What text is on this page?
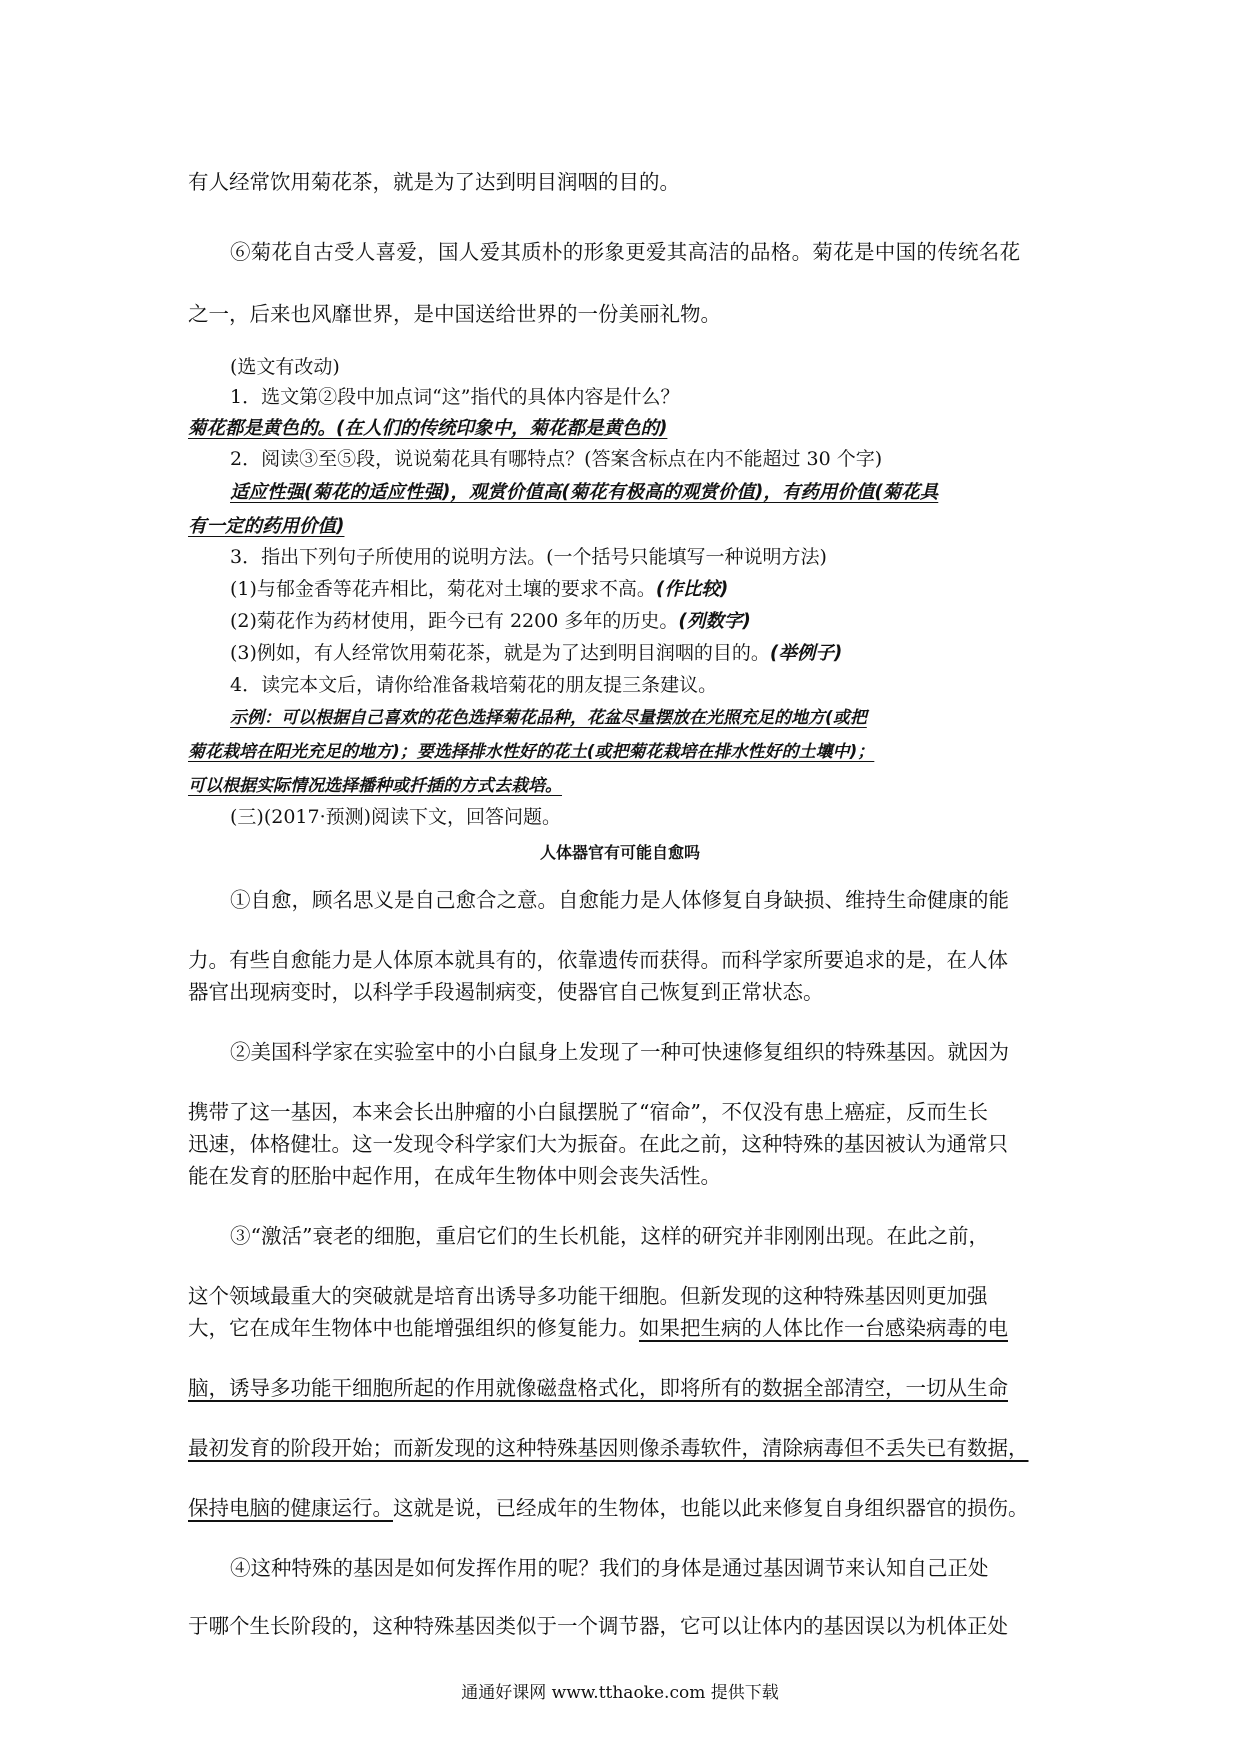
有人经常饮用菊花茶，就是为了达到明目润咽的目的。
⑥菊花自古受人喜爱，国人爱其质朴的形象更爱其高洁的品格。菊花是中国的传统名花
之一，后来也风靡世界，是中国送给世界的一份美丽礼物。
(选文有改动)
1．选文第②段中加点词“这”指代的具体内容是什么？
菊花都是黄色的。(在人们的传统印象中，菊花都是黄色的)
2．阅读③至⑤段，说说菊花具有哪特点？(答案含标点在内不能超过 30 个字)
适应性强(菊花的适应性强)，观赏价值高(菊花有极高的观赏价值)，有药用价值(菊花具
有一定的药用价值)
3．指出下列句子所使用的说明方法。(一个括号只能填写一种说明方法)
(1)与郁金香等花卉相比，菊花对土壤的要求不高。(作比较)
(2)菊花作为药材使用，距今已有 2200 多年的历史。(列数字)
(3)例如，有人经常饮用菊花茶，就是为了达到明目润咽的目的。(举例子)
4．读完本文后，请你给准备栽培菊花的朋友提三条建议。
示例：可以根据自己喜欢的花色选择菊花品种，花盆尽量摆放在光照充足的地方(或把
菊花栽培在阳光充足的地方)；要选择排水性好的花土(或把菊花栽培在排水性好的土壤中)；
可以根据实际情况选择播种或扦插的方式去栽培。
(三)(2017·预测)阅读下文，回答问题。
人体器官有可能自愈吗
①自愈，顾名思义是自己愈合之意。自愈能力是人体修复自身缺损、维持生命健康的能
力。有些自愈能力是人体原本就具有的，依靠遗传而获得。而科学家所要追求的是，在人体
器官出现病变时，以科学手段遏制病变，使器官自己恢复到正常状态。
②美国科学家在实验室中的小白鼠身上发现了一种可快速修复组织的特殊基因。就因为
携带了这一基因，本来会长出肿瘤的小白鼠摆脱了“宿命”，不仅没有患上癌症，反而生长
迅速，体格健壮。这一发现令科学家们大为振奋。在此之前，这种特殊的基因被认为通常只
能在发育的胚胎中起作用，在成年生物体中则会丧失活性。
③“激活”衰老的细胞，重启它们的生长机能，这样的研究并非刚刚出现。在此之前，
这个领域最重大的突破就是培育出诱导多功能干细胞。但新发现的这种特殊基因则更加强
大，它在成年生物体中也能增强组织的修复能力。如果把生病的人体比作一台感染病毒的电
脑，诱导多功能干细胞所起的作用就像磁盘格式化，即将所有的数据全部清空，一切从生命
最初发育的阶段开始；而新发现的这种特殊基因则像杀毒软件，清除病毒但不丢失已有数据，
保持电脑的健康运行。这就是说，已经成年的生物体，也能以此来修复自身组织器官的损伤。
④这种特殊的基因是如何发挥作用的呢？我们的身体是通过基因调节来认知自己正处
于哪个生长阶段的，这种特殊基因类似于一个调节器，它可以让体内的基因误以为机体正处
通通好课网 www.tthaoke.com 提供下载
